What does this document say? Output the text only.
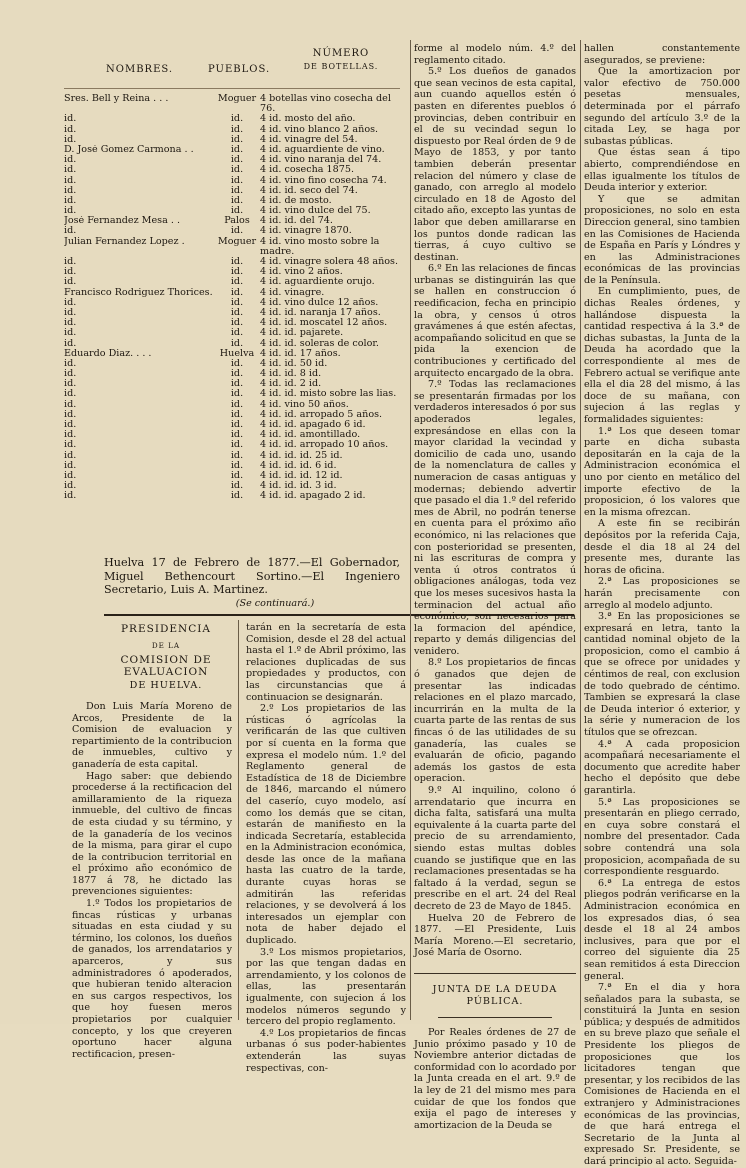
NOMBRES.	PUEBLOS.
NÚMERO
DE BOTELLAS.
Sres. Bell y Reina . . .	Moguer 4 botellas vino cosecha del
76.
id.	id.	4 id. mosto del año.
id.	id.	4 id. vino blanco 2 años.
id.	id.	4 id. vinagre del 54.
D. José Gomez Carmona . .	id.	4 id. aguardiente de vino.
id.	id.	4 id. vino naranja del 74.
id.	id.	4 id. cosecha 1875.
id.	id.	4 id. vino fino cosecha 74.
id.	id.	4 id. id. seco del 74.
id.	id.	4 id. de mosto.
id.	id.	4 id. vino dulce del 75.
José Fernandez Mesa . .	Palos	4 id. id. del 74.
id.	id.	4 id. vinagre 1870.
Julian Fernandez Lopez .	Moguer 4 id. vino mosto sobre la
madre.
id.	id.	4 id. vinagre solera 48 años.
id.	id.	4 id. vino 2 años.
id.	id.	4 id. aguardiente orujo.
Francisco Rodriguez Thorices.	id.	4 id. vinagre.
id.	id.	4 id. vino dulce 12 años.
id.	id.	4 id. id. naranja 17 años.
id.	id.	4 id. id. moscatel 12 años.
id.	id.	4 id. id. pajarete.
id.	id.	4 id. id. soleras de color.
Eduardo Diaz. . . .	Huelva 4 id. id. 17 años.
id.	id.	4 id. id. 50 id.
id.	id.	4 id. id. 8 id.
id.	id.	4 id. id. 2 id.
id.	id.	4 id. id. misto sobre las lias.
id.	id.	4 id. vino 50 años.
id.	id.	4 id. id. arropado 5 años.
id.	id.	4 id. id. apagado 6 id.
id.	id.	4 id. id. amontillado.
id.	id.	4 id. id. arropado 10 años.
id.	id.	4 id. id. id. 25 id.
id.	id.	4 id. id. id. 6 id.
id.	id.	4 id. id. id. 12 id.
id.	id.	4 id. id. id. 3 id.
id.	id.	4 id. id. apagado 2 id.
Huelva 17 de Febrero de 1877.—El Gobernador, Miguel Bethencourt Sortino.—El Ingeniero Secretario, Luis A. Martinez.
(Se continuará.)
PRESIDENCIA
DE LA
COMISION DE EVALUACION
DE HUELVA.

Don Luis María Moreno de Arcos, Presidente de la Comision de evaluacion y repartimiento de la contribucion de inmuebles, cultivo y ganadería de esta capital.

Hago saber: que debiendo procederse á la rectificacion del amillaramiento de la riqueza inmueble, del cultivo de fincas de esta ciudad y su término, y de la ganadería de los vecinos de la misma, para girar el cupo de la contribucion territorial en el próximo año económico de 1877 á 78, he dictado las prevenciones siguientes:

1.º Todos los propietarios de fincas rústicas y urbanas situadas en esta ciudad y su término, los colonos, los dueños de ganados, los arrendatarios y aparceros, y sus administradores ó apoderados, que hubieran tenido alteracion en sus cargos respectivos, los que hoy fuesen meros propietarios por cualquier concepto, y los que creyeren oportuno hacer alguna rectificacion, presen-

tarán en la secretaría de esta Comision, desde el 28 del actual hasta el 1.º de Abril próximo, las relaciones duplicadas de sus propiedades y productos, con las circunstancias que á continuacion se designarán.

2.º Los propietarios de las rústicas ó agrícolas la verificarán de las que cultiven por sí cuenta en la forma que expresa el modelo núm. 1.º del Reglamento general de Estadística de 18 de Diciembre de 1846, marcando el número del caserío, cuyo modelo, así como los demás que se citan, estarán de manifiesto en la indicada Secretaría, establecida en la Administracion económica, desde las once de la mañana hasta las cuatro de la tarde, durante cuyas horas se admitirán las referidas relaciones, y se devolverá á los interesados un ejemplar con nota de haber dejado el duplicado.

3.º Los mismos propietarios, por las que tengan dadas en arrendamiento, y los colonos de ellas, las presentarán igualmente, con sujecion á los modelos números segundo y tercero del propio reglamento.

4.º Los propietarios de fincas urbanas ó sus poder-habientes extenderán las suyas respectivas, con-

forme al modelo núm. 4.º del reglamento citado.

5.º Los dueños de ganados que sean vecinos de esta capital, aun cuando aquellos estén ó pasten en diferentes pueblos ó provincias, deben contribuir en el de su vecindad segun lo dispuesto por Real órden de 9 de Mayo de 1853, y por tanto tambien deberán presentar relacion del número y clase de ganado, con arreglo al modelo circulado en 18 de Agosto del citado año, excepto las yuntas de labor que deben amillararse en los puntos donde radican las tierras, á cuyo cultivo se destinan.

6.º En las relaciones de fincas urbanas se distinguirán las que se hallen en construccion ó reedificacion, fecha en principio la obra, y censos ú otros gravámenes á que estén afectas, acompañando solicitud en que se pida la exencion de contribuciones y certificado del arquitecto encargado de la obra.

7.º Todas las reclamaciones se presentarán firmadas por los verdaderos interesados ó por sus apoderados legales, expresándose en ellas con la mayor claridad la vecindad y domicilio de cada uno, usando de la nomenclatura de calles y numeracion de casas antiguas y modernas; debiendo advertir que pasado el dia 1.º del referido mes de Abril, no podrán tenerse en cuenta para el próximo año económico, ni las relaciones que con posterioridad se presenten, ni las escrituras de compra y venta ú otros contratos ú obligaciones análogas, toda vez que los meses sucesivos hasta la terminacion del actual año económico, son necesarios para la formacion del apéndice, reparto y demás diligencias del venidero.

8.º Los propietarios de fincas ó ganados que dejen de presentar las indicadas relaciones en el plazo marcado, incurrirán en la multa de la cuarta parte de las rentas de sus fincas ó de las utilidades de su ganadería, las cuales se evaluarán de oficio, pagando además los gastos de esta operacion.

9.º Al inquilino, colono ó arrendatario que incurra en dicha falta, satisfará una multa equivalente á la cuarta parte del precio de su arrendamiento, siendo estas multas dobles cuando se justifique que en las reclamaciones presentadas se ha faltado á la verdad, segun se prescribe en el art. 24 del Real decreto de 23 de Mayo de 1845.

Huelva 20 de Febrero de 1877. —El Presidente, Luis María Moreno.—El secretario, José María de Osorno.

JUNTA DE LA DEUDA PÚBLICA.

Por Reales órdenes de 27 de Junio próximo pasado y 10 de Noviembre anterior dictadas de conformidad con lo acordado por la Junta creada en el art. 9.º de la ley de 21 del mismo mes para cuidar de que los fondos que exija el pago de intereses y amortizacion de la Deuda se

hallen constantemente asegurados, se previene:

Que la amortizacion por valor efectivo de 750.000 pesetas mensuales, determinada por el párrafo segundo del artículo 3.º de la citada Ley, se haga por subastas públicas.

Que éstas sean á tipo abierto, comprendiéndose en ellas igualmente los títulos de Deuda interior y exterior.

Y que se admitan proposiciones, no solo en esta Direccion general, sino tambien en las Comisiones de Hacienda de España en París y Lóndres y en las Administraciones económicas de las provincias de la Península.

En cumplimiento, pues, de dichas Reales órdenes, y hallándose dispuesta la cantidad respectiva á la 3.ª de dichas subastas, la Junta de la Deuda ha acordado que la correspondiente al mes de Febrero actual se verifique ante ella el dia 28 del mismo, á las doce de su mañana, con sujecion á las reglas y formalidades siguientes:

1.ª Los que deseen tomar parte en dicha subasta depositarán en la caja de la Administracion económica el uno por ciento en metálico del importe efectivo de la proposicion, ó los valores que en la misma ofrezcan.

A este fin se recibirán depósitos por la referida Caja, desde el dia 18 al 24 del presente mes, durante las horas de oficina.

2.ª Las proposiciones se harán precisamente con arreglo al modelo adjunto.

3.ª En las proposiciones se expresará en letra, tanto la cantidad nominal objeto de la proposicion, como el cambio á que se ofrece por unidades y céntimos de real, con exclusion de todo quebrado de céntimo. Tambien se expresará la clase de Deuda interior ó exterior, y la série y numeracion de los títulos que se ofrezcan.

4.ª A cada proposicion acompañará necesariamente el documento que acredite haber hecho el depósito que debe garantirla.

5.ª Las proposiciones se presentarán en pliego cerrado, en cuya sobre constará el nombre del presentador. Cada sobre contendrá una sola proposicion, acompañada de su correspondiente resguardo.

6.ª La entrega de estos pliegos podrán verificarse en la Administracion económica en los expresados dias, ó sea desde el 18 al 24 ambos inclusives, para que por el correo del siguiente dia 25 sean remitidos á esta Direccion general.

7.ª En el dia y hora señalados para la subasta, se constituirá la Junta en sesion pública; y después de admitidos en su breve plazo que señale el Presidente los pliegos de proposiciones que los licitadores tengan que presentar, y los recibidos de las Comisiones de Hacienda en el extranjero y Administraciones económicas de las provincias, de que hará entrega el Secretario de la Junta al expresado Sr. Presidente, se dará principio al acto. Seguida-
